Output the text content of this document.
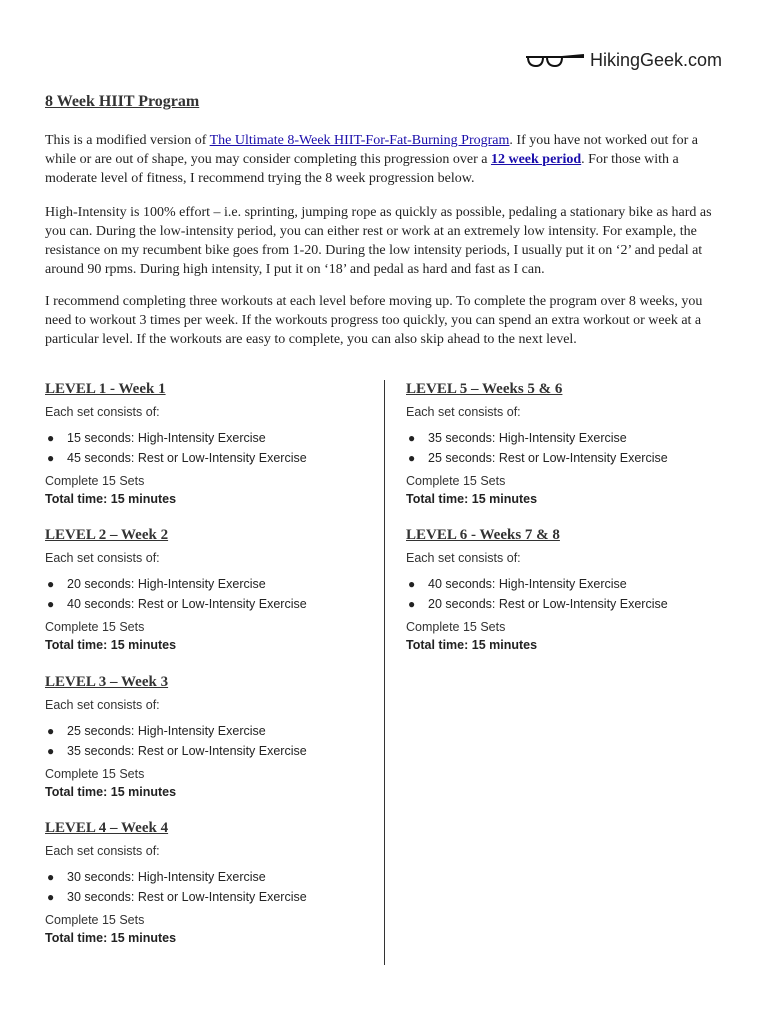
HikingGeek.com
8 Week HIIT Program

This is a modified version of The Ultimate 8-Week HIIT-For-Fat-Burning Program. If you have not worked out for a while or are out of shape, you may consider completing this progression over a 12 week period. For those with a moderate level of fitness, I recommend trying the 8 week progression below.

High-Intensity is 100% effort – i.e. sprinting, jumping rope as quickly as possible, pedaling a stationary bike as hard as you can. During the low-intensity period, you can either rest or work at an extremely low intensity. For example, the resistance on my recumbent bike goes from 1-20. During the low intensity periods, I usually put it on ‘2’ and pedal at around 90 rpms. During high intensity, I put it on ‘18’ and pedal as hard and fast as I can.

I recommend completing three workouts at each level before moving up. To complete the program over 8 weeks, you need to workout 3 times per week. If the workouts progress too quickly, you can spend an extra workout or week at a particular level. If the workouts are easy to complete, you can also skip ahead to the next level.

LEVEL 1 - Week 1

Each set consists of:

● 15 seconds: High-Intensity Exercise
● 45 seconds: Rest or Low-Intensity Exercise

Complete 15 Sets

Total time: 15 minutes

LEVEL 2 – Week 2

Each set consists of:

● 20 seconds: High-Intensity Exercise
● 40 seconds: Rest or Low-Intensity Exercise

Complete 15 Sets

Total time: 15 minutes

LEVEL 3 – Week 3

Each set consists of:

● 25 seconds: High-Intensity Exercise
● 35 seconds: Rest or Low-Intensity Exercise

Complete 15 Sets

Total time: 15 minutes

LEVEL 4 – Week 4

Each set consists of:

● 30 seconds: High-Intensity Exercise
● 30 seconds: Rest or Low-Intensity Exercise

Complete 15 Sets

Total time: 15 minutes

LEVEL 5 – Weeks 5 & 6

Each set consists of:

● 35 seconds: High-Intensity Exercise
● 25 seconds: Rest or Low-Intensity Exercise

Complete 15 Sets

Total time: 15 minutes

LEVEL 6 - Weeks 7 & 8

Each set consists of:

● 40 seconds: High-Intensity Exercise
● 20 seconds: Rest or Low-Intensity Exercise

Complete 15 Sets

Total time: 15 minutes
